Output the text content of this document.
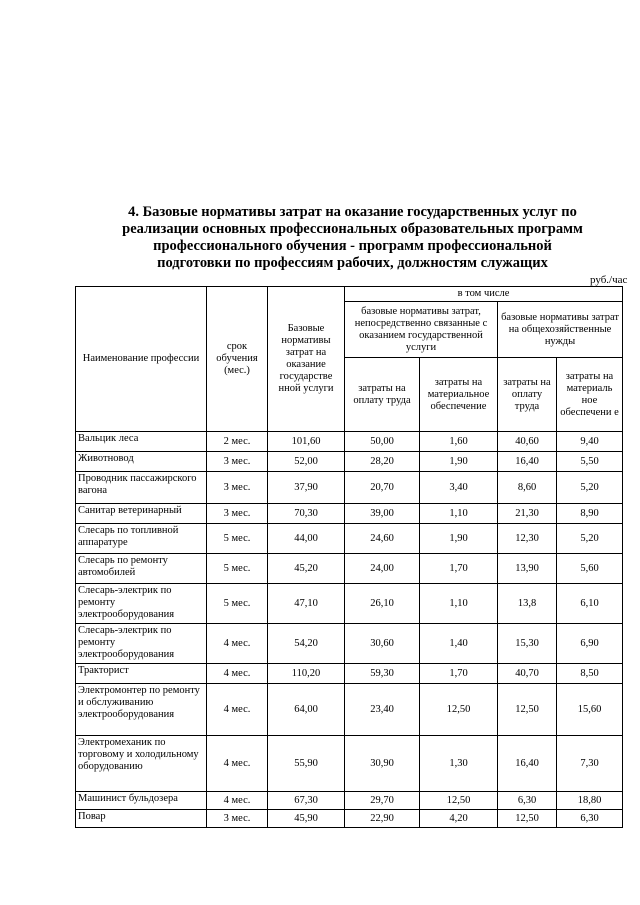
4. Базовые нормативы затрат на оказание государственных услуг по
реализации основных профессиональных образовательных программ
профессионального обучения - программ профессиональной
подготовки по профессиям рабочих, должностям служащих
руб./час
Наименование профессии	срок обучения (мес.)	Базовые нормативы затрат на оказание государстве нной услуги	в том числе			
			базовые нормативы затрат, непосредственно связанные с оказанием государственной услуги		базовые нормативы затрат на общехозяйственные нужды	
			затраты на оплату труда	затраты на материальное обеспечение	затраты на оплату труда	затраты на материаль ное обеспечени е
Вальцик леса	2 мес.	101,60	50,00	1,60	40,60	9,40
Животновод	3 мес.	52,00	28,20	1,90	16,40	5,50
Проводник пассажирского вагона	3 мес.	37,90	20,70	3,40	8,60	5,20
Санитар ветеринарный	3 мес.	70,30	39,00	1,10	21,30	8,90
Слесарь по топливной аппаратуре	5 мес.	44,00	24,60	1,90	12,30	5,20
Слесарь по ремонту автомобилей	5 мес.	45,20	24,00	1,70	13,90	5,60
Слесарь-электрик по ремонту электрооборудования	5 мес.	47,10	26,10	1,10	13,8	6,10
Слесарь-электрик по ремонту электрооборудования	4 мес.	54,20	30,60	1,40	15,30	6,90
Тракторист	4 мес.	110,20	59,30	1,70	40,70	8,50
Электромонтер по ремонту и обслуживанию электрооборудования	4 мес.	64,00	23,40	12,50	12,50	15,60
Электромеханик по торговому и холодильному оборудованию	4 мес.	55,90	30,90	1,30	16,40	7,30
Машинист бульдозера	4 мес.	67,30	29,70	12,50	6,30	18,80
Повар	3 мес.	45,90	22,90	4,20	12,50	6,30
